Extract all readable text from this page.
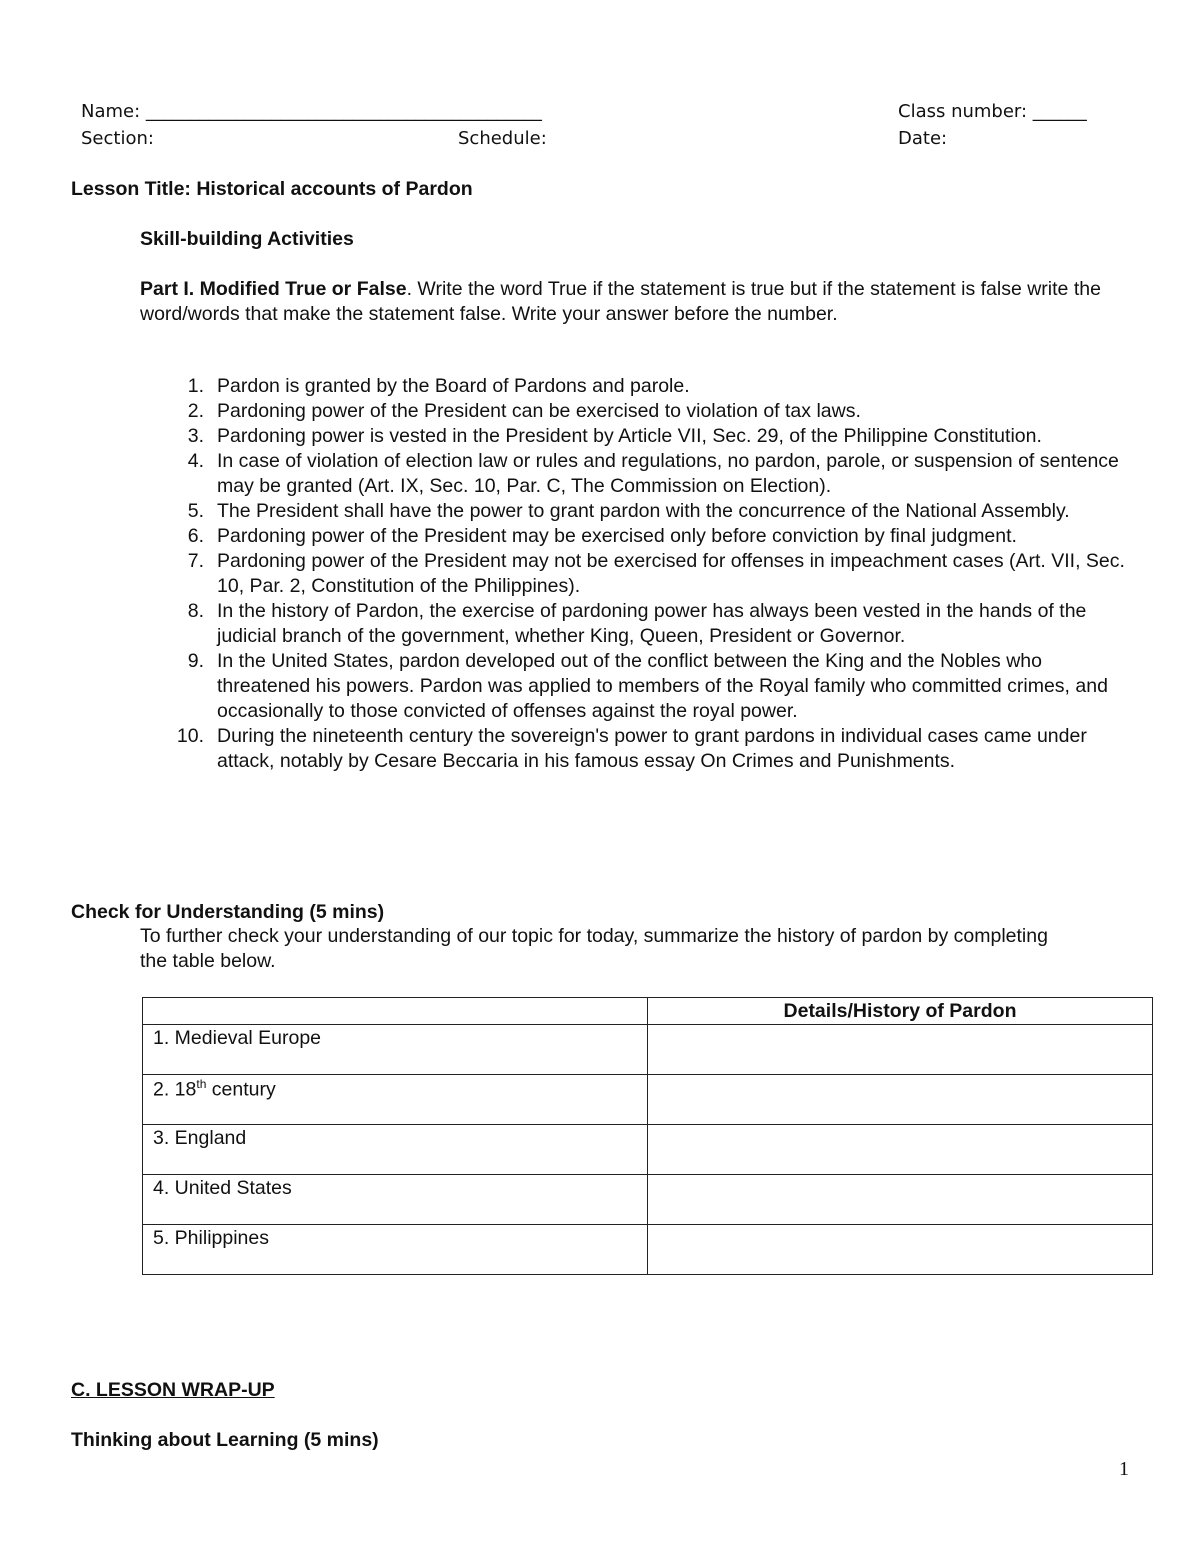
Name: ____________________________________________	Class number: ______
Section:	Schedule:	Date:
Lesson Title: Historical accounts of Pardon
Skill-building Activities
Part I. Modified True or False. Write the word True if the statement is true but if the statement is false write the word/words that make the statement false. Write your answer before the number.
1. Pardon is granted by the Board of Pardons and parole.
2. Pardoning power of the President can be exercised to violation of tax laws.
3. Pardoning power is vested in the President by Article VII, Sec. 29, of the Philippine Constitution.
4. In case of violation of election law or rules and regulations, no pardon, parole, or suspension of sentence may be granted (Art. IX, Sec. 10, Par. C, The Commission on Election).
5. The President shall have the power to grant pardon with the concurrence of the National Assembly.
6. Pardoning power of the President may be exercised only before conviction by final judgment.
7. Pardoning power of the President may not be exercised for offenses in impeachment cases (Art. VII, Sec. 10, Par. 2, Constitution of the Philippines).
8. In the history of Pardon, the exercise of pardoning power has always been vested in the hands of the judicial branch of the government, whether King, Queen, President or Governor.
9. In the United States, pardon developed out of the conflict between the King and the Nobles who threatened his powers. Pardon was applied to members of the Royal family who committed crimes, and occasionally to those convicted of offenses against the royal power.
10. During the nineteenth century the sovereign's power to grant pardons in individual cases came under attack, notably by Cesare Beccaria in his famous essay On Crimes and Punishments.
Check for Understanding (5 mins)
To further check your understanding of our topic for today, summarize the history of pardon by completing the table below.
	Details/History of Pardon
1. Medieval Europe	
2. 18th century	
3. England	
4. United States	
5. Philippines	
C. LESSON WRAP-UP
Thinking about Learning (5 mins)
1
